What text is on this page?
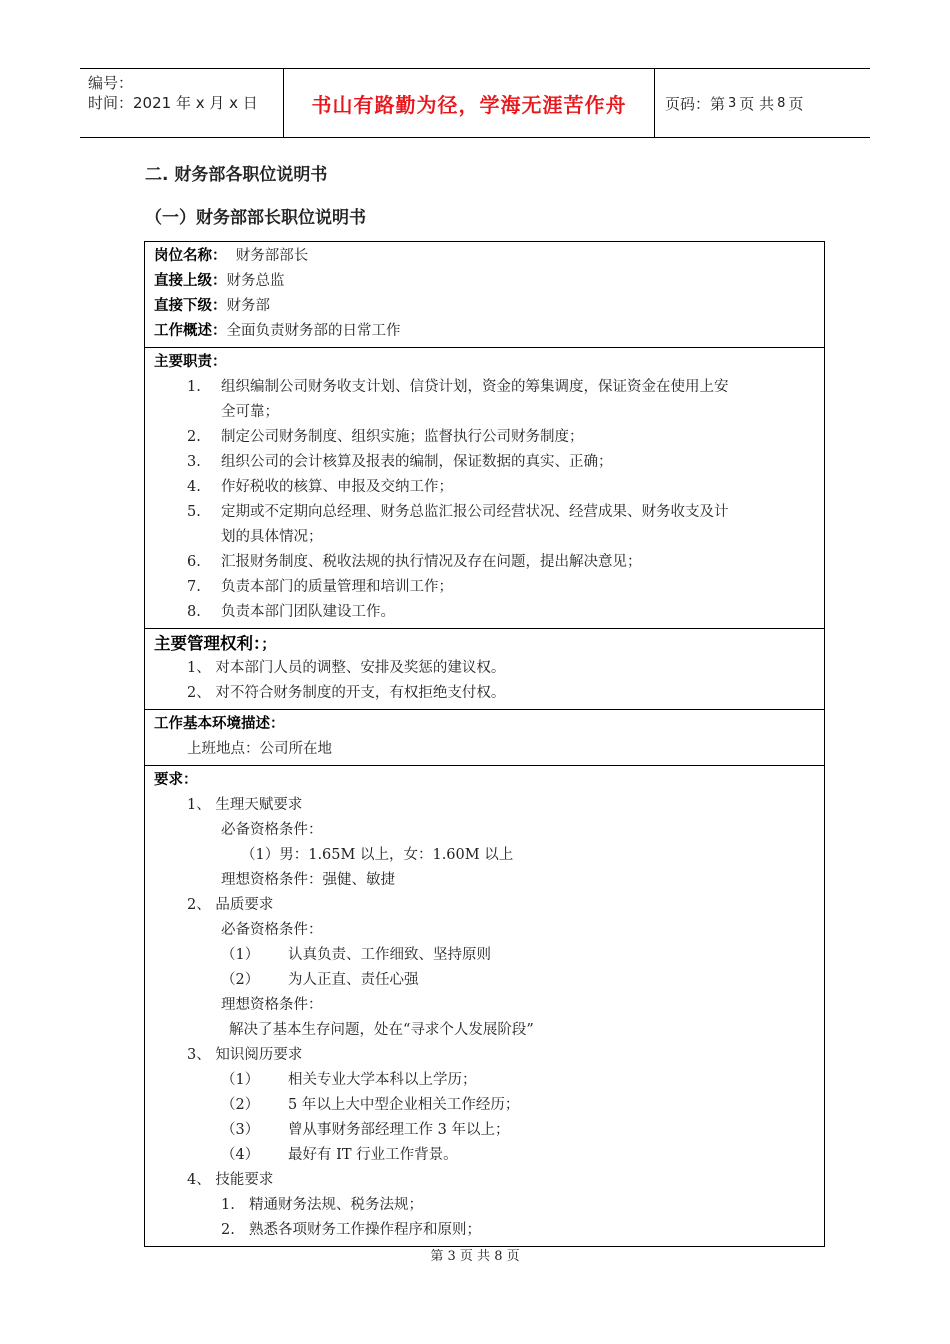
编号：
时间：2021 年 x 月 x 日	书山有路勤为径，学海无涯苦作舟	页码：第 3 页 共 8 页
二. 财务部各职位说明书
（一）财务部部长职位说明书
岗位名称：  财务部部长
直接上级：财务总监
直接下级：财务部
工作概述：全面负责财务部的日常工作
主要职责：
1.	组织编制公司财务收支计划、信贷计划，资金的筹集调度，保证资金在使用上安
全可靠；
2.	制定公司财务制度、组织实施；监督执行公司财务制度；
3.	组织公司的会计核算及报表的编制，保证数据的真实、正确；
4.	作好税收的核算、申报及交纳工作；
5.	定期或不定期向总经理、财务总监汇报公司经营状况、经营成果、财务收支及计
划的具体情况；
6.	汇报财务制度、税收法规的执行情况及存在问题，提出解决意见；
7.	负责本部门的质量管理和培训工作；
8.	负责本部门团队建设工作。
主要管理权利：；
1、 对本部门人员的调整、安排及奖惩的建议权。
2、 对不符合财务制度的开支，有权拒绝支付权。
工作基本环境描述：
上班地点：公司所在地
要求：
1、 生理天赋要求
必备资格条件：
（1）男：1.65M 以上，女：1.60M 以上
理想资格条件：强健、敏捷
2、 品质要求
必备资格条件：
（1） 认真负责、工作细致、坚持原则
（2） 为人正直、责任心强
理想资格条件：
解决了基本生存问题，处在“寻求个人发展阶段”
3、 知识阅历要求
（1） 相关专业大学本科以上学历；
（2） 5 年以上大中型企业相关工作经历；
（3） 曾从事财务部经理工作 3 年以上；
（4） 最好有 IT 行业工作背景。
4、 技能要求
1. 精通财务法规、税务法规；
2. 熟悉各项财务工作操作程序和原则；
第 3 页 共 8 页
